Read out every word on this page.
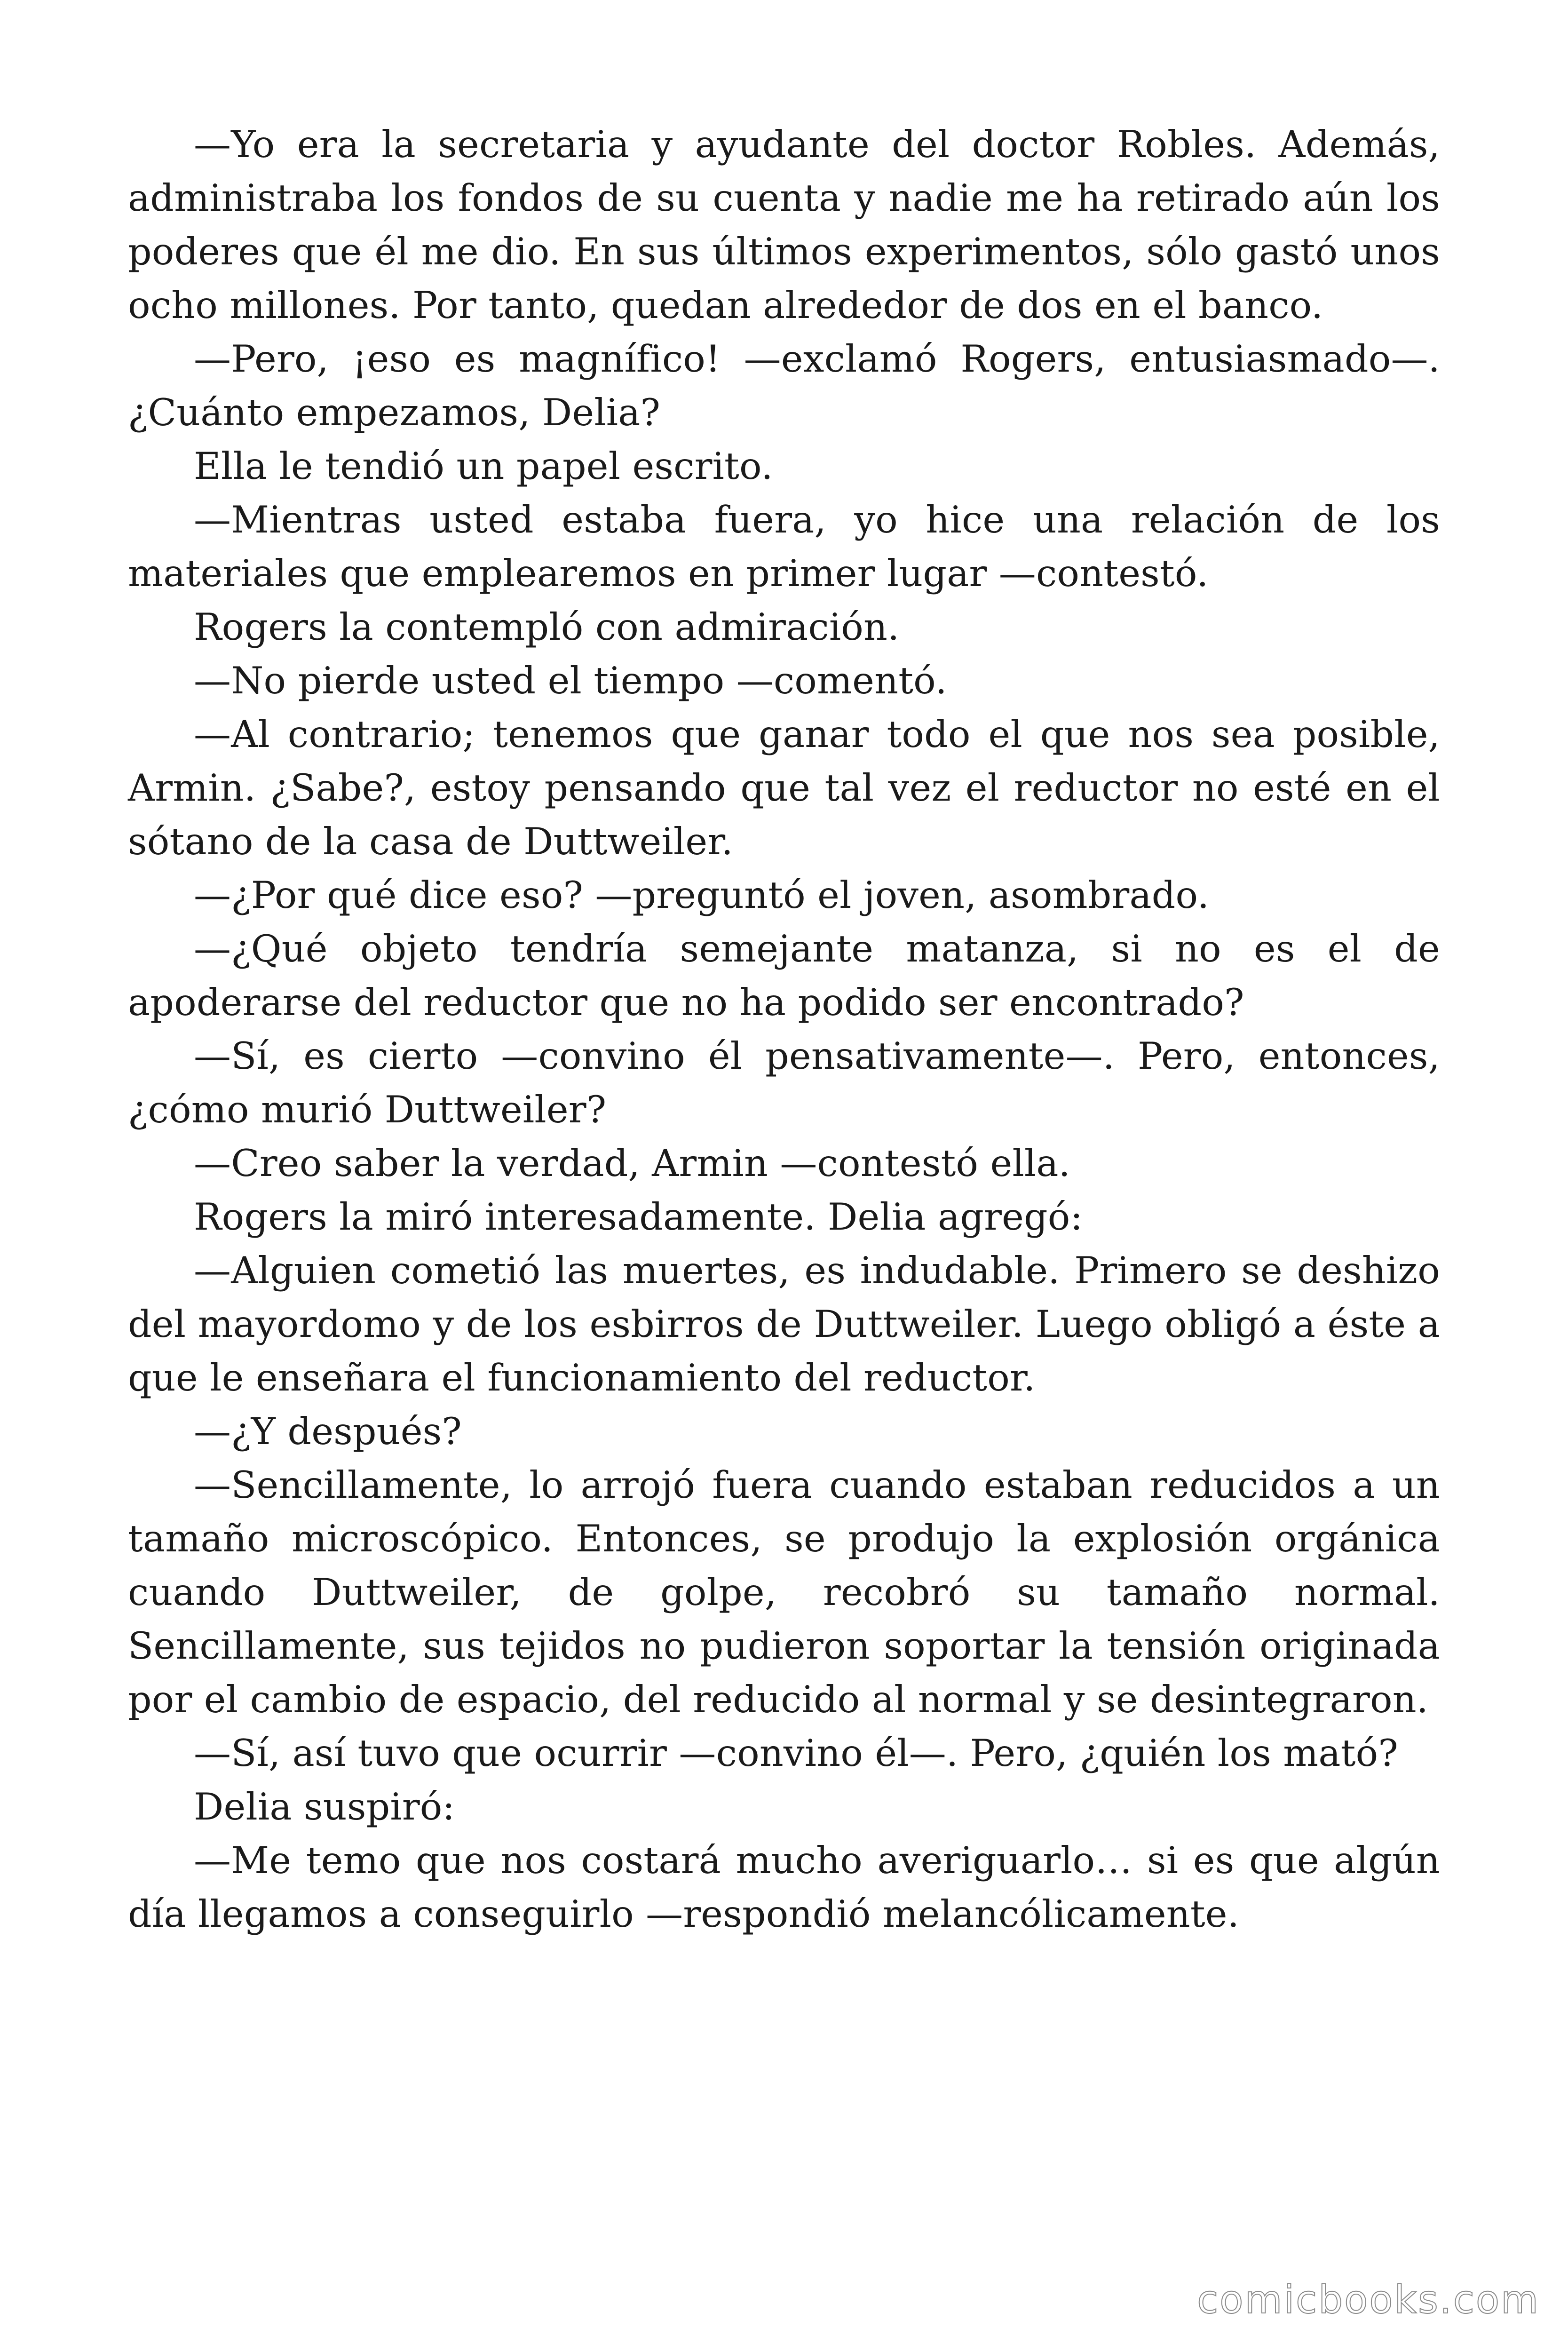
—Yo era la secretaria y ayudante del doctor Robles. Además, administraba los fondos de su cuenta y nadie me ha retirado aún los poderes que él me dio. En sus últimos experimentos, sólo gastó unos ocho millones. Por tanto, quedan alrededor de dos en el banco.

—Pero, ¡eso es magnífico! —exclamó Rogers, entusiasmado—. ¿Cuánto empezamos, Delia?

Ella le tendió un papel escrito.

—Mientras usted estaba fuera, yo hice una relación de los materiales que emplearemos en primer lugar —contestó.

Rogers la contempló con admiración.

—No pierde usted el tiempo —comentó.

—Al contrario; tenemos que ganar todo el que nos sea posible, Armin. ¿Sabe?, estoy pensando que tal vez el reductor no esté en el sótano de la casa de Duttweiler.

—¿Por qué dice eso? —preguntó el joven, asombrado.

—¿Qué objeto tendría semejante matanza, si no es el de apoderarse del reductor que no ha podido ser encontrado?

—Sí, es cierto —convino él pensativamente—. Pero, entonces, ¿cómo murió Duttweiler?

—Creo saber la verdad, Armin —contestó ella.

Rogers la miró interesadamente. Delia agregó:

—Alguien cometió las muertes, es indudable. Primero se deshizo del mayordomo y de los esbirros de Duttweiler. Luego obligó a éste a que le enseñara el funcionamiento del reductor.

—¿Y después?

—Sencillamente, lo arrojó fuera cuando estaban reducidos a un tamaño microscópico. Entonces, se produjo la explosión orgánica cuando Duttweiler, de golpe, recobró su tamaño normal. Sencillamente, sus tejidos no pudieron soportar la tensión originada por el cambio de espacio, del reducido al normal y se desintegraron.

—Sí, así tuvo que ocurrir —convino él—. Pero, ¿quién los mató?

Delia suspiró:

—Me temo que nos costará mucho averiguarlo… si es que algún día llegamos a conseguirlo —respondió melancólicamente.

comicbooks.com
